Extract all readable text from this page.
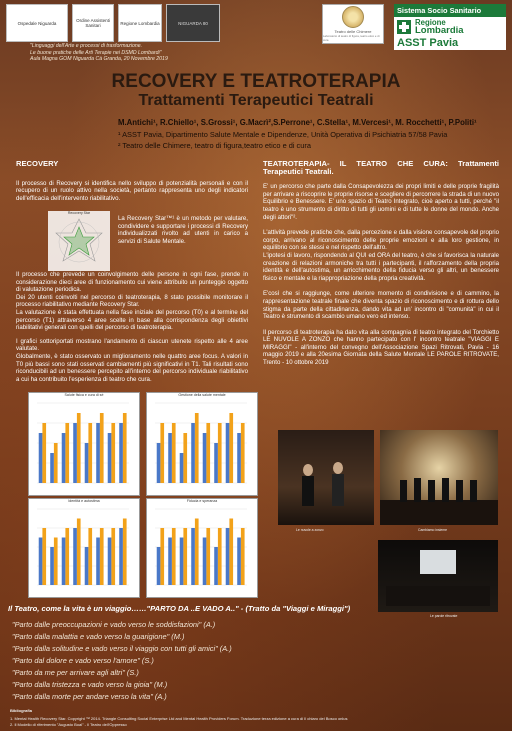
Ospedale Niguarda	Ordine Assistenti Sanitari	Regione Lombardia	NIGUARDA 80
"Linguaggi dell'Arte e processi di trasformazione.
Le buone pratiche delle Arti Terapie nei DSMD Lombardi"
Aula Magna GOM Niguarda Cà Granda, 20 Novembre 2019
Teatro delle Chimere
Laboratorio di teatro di figura, teatro etico e di cura
Sistema Socio Sanitario
Regione
Lombardia
ASST Pavia
RECOVERY E TEATROTERAPIA
Trattamenti Terapeutici Teatrali
M.Antichi¹, R.Chiello¹, S.Grossi¹, G.Macrì²,S.Perrone¹, C.Stella¹, M.Vercesi¹, M. Rocchetti¹, P.Politi¹
¹ ASST Pavia, Dipartimento Salute Mentale e Dipendenze, Unità Operativa di Psichiatria 57/58 Pavia
² Teatro delle Chimere, teatro di figura,teatro etico e di cura
RECOVERY
Il processo di Recovery si identifica nello sviluppo di potenzialità personali e con il recupero di un ruolo attivo nella società, pertanto rappresenta uno degli indicatori dell'efficacia dell'intervento riabilitativo.
Recovery Star
La Recovery Star™¹ è un metodo per valutare, condividere e supportare i processi di Recovery individualizzati rivolto ad utenti in carico a servizi di Salute Mentale.
Il processo che prevede un coinvolgimento delle persone in ogni fase, prende in considerazione dieci aree di funzionamento cui viene attribuito un punteggio oggetto di valutazione periodica.
Dei 20 utenti coinvolti nel percorso di teatroterapia, 8 stato possibile monitorare il processo riabilitativo mediante Recovery Star.
La valutazione è stata effettuata nella fase iniziale del percorso (T0) e al termine del percorso (T1) attraverso 4 aree scelte in base alla corrispondenza degli obiettivi riabilitativi generali con quelli del percorso di teatroterapia.
I grafici sottoriportati mostrano l'andamento di ciascun utenete rispetto alle 4 aree valutate.
Globalmente, è stato osservato un miglioramento nelle quattro aree focus. A valori in T0 più bassi sono stati osservati cambiamenti più significativi in T1. Tali risultati sono riconducibili ad un benessere percepito all'interno del percorso individuale riabilitativo a cui ha contribuito l'esperienza di teatro che cura.
Salute fisica e cura di sé	Gestione della salute mentale
Identità e autostima	Fiducia e speranza
TEATROTERAPIA- IL TEATRO CHE CURA: Trattamenti Terapeutici Teatrali.
E' un percorso che parte dalla Consapevolezza dei propri limiti e delle proprie fragilità per arrivare a riscoprire le proprie risorse e scegliere di percorrere la strada di un nuovo Equilibrio e Benessere. E' uno spazio di Teatro Integrato, cioè aperto a tutti, perché "il teatro è uno strumento di diritto di tutti gli uomini e di tutte le donne del mondo. Anche degli attori"².
L'attività prevede pratiche che, dalla percezione e dalla visione consapevole del proprio corpo, arrivano al riconoscimento delle proprie emozioni e alla loro gestione, in equilibrio con se stessi e nel rispetto dell'altro.
L'ipotesi di lavoro, rispondendo al QUI ed ORA del teatro, è che si favorisca la naturale creazione di relazioni armoniche tra tutti i partecipanti, il rafforzamento della propria identità e dell'autostima, un arricchimento della fiducia verso gli altri, un benessere fisico e mentale e la riappropriazione della propria creatività.
E'così che si raggiunge, come ulteriore momento di condivisione e di cammino, la rappresentazione teatrale finale che diventa spazio di riconoscimento e di rottura dello stigma da parte della cittadinanza, dando vita ad un' incontro di "comunità" in cui il Teatro è strumento di scambio umano vero ed intenso.
Il percorso di teatroterapia ha dato vita alla compagnia di teatro integrato del Torchietto LE NUVOLE A ZONZO che hanno partecipato con l' incontro teatrale "VIAGGI E MIRAGGI" - all'interno del convegno dell'Associazione Spazi Ritrovati, Pavia - 16 maggio 2019 e alla 20esima Giornata della Salute Mentale LE PAROLE RITROVATE, Trento - 10 ottobre 2019
Le nuvole a zonzo	Cambiamo insieme
Le parole ritrovate
Il Teatro, come la vita è un viaggio……"PARTO DA ..E VADO A.." - (Tratto da "Viaggi e Miraggi")
"Parto dalle preoccupazioni e vado verso le soddisfazioni" (A.)
"Parto dalla malattia e vado verso la guarigione" (M.)
"Parto dalla solitudine e vado verso il viaggio con tutti gli amici" (A.)
"Parto dal dolore e vado verso l'amore" (S.)
"Parto da me per arrivare agli altri" (S.)
"Parto dalla tristezza e vado verso la gioia" (M.)
"Parto dalla morte per andare verso la vita" (A.)
Bibliografia
1. Mental Health Recovery Star. Copyright ™ 2014. Triangle Consulting Social Enterprise Ltd and Mental Health Providers Forum. Traduzione terza edizione a cura di Il chiaro del Bosco onlus
2. Il Modello di riferimento "Augusto Boal" - Il Teatro dell'Oppresso
